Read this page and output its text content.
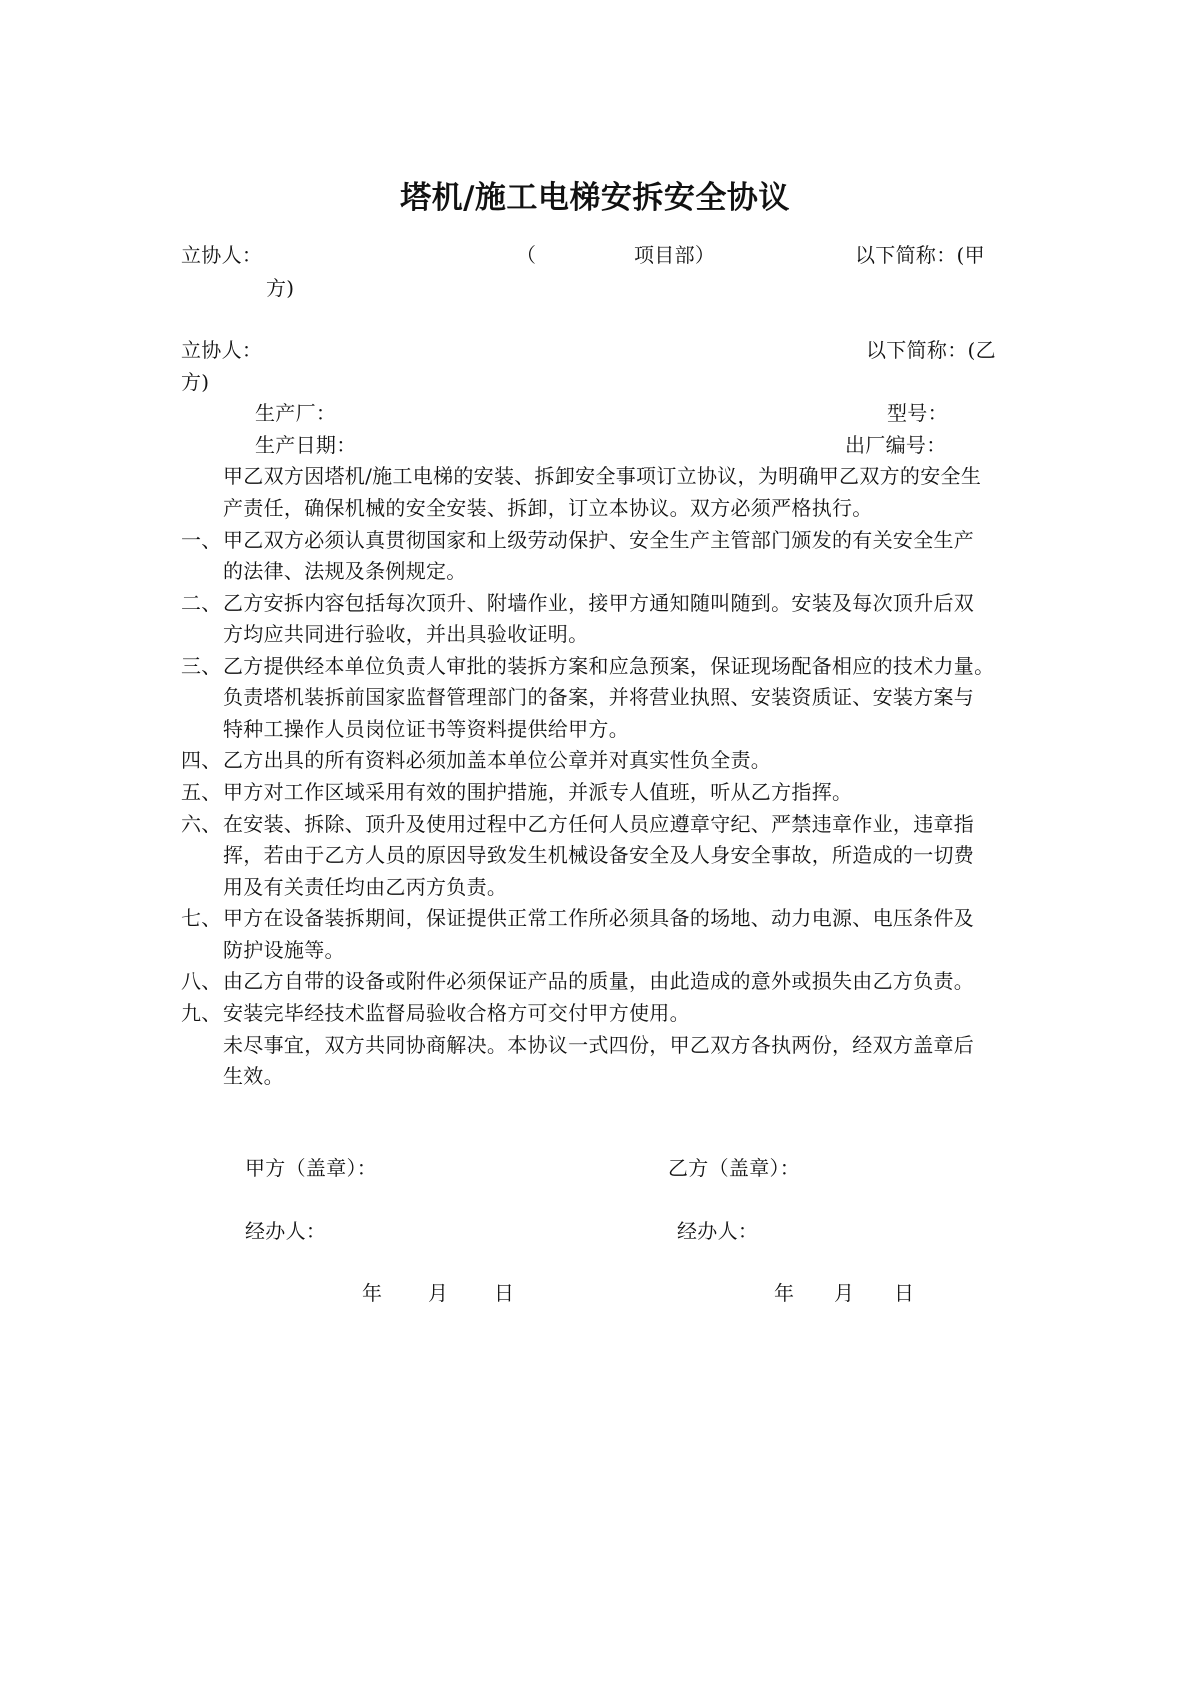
塔机/施工电梯安拆安全协议
立协人：	（	项目部）	以下简称：(甲
方)
立协人：	以下简称：(乙
方)
生产厂：	型号：
生产日期：	出厂编号：
甲乙双方因塔机/施工电梯的安装、拆卸安全事项订立协议，为明确甲乙双方的安全生
产责任，确保机械的安全安装、拆卸，订立本协议。双方必须严格执行。
一、 甲乙双方必须认真贯彻国家和上级劳动保护、安全生产主管部门颁发的有关安全生产
的法律、法规及条例规定。
二、 乙方安拆内容包括每次顶升、附墙作业，接甲方通知随叫随到。安装及每次顶升后双
方均应共同进行验收，并出具验收证明。
三、 乙方提供经本单位负责人审批的装拆方案和应急预案，保证现场配备相应的技术力量。
负责塔机装拆前国家监督管理部门的备案，并将营业执照、安装资质证、安装方案与
特种工操作人员岗位证书等资料提供给甲方。
四、 乙方出具的所有资料必须加盖本单位公章并对真实性负全责。
五、 甲方对工作区域采用有效的围护措施，并派专人值班，听从乙方指挥。
六、 在安装、拆除、顶升及使用过程中乙方任何人员应遵章守纪、严禁违章作业，违章指
挥，若由于乙方人员的原因导致发生机械设备安全及人身安全事故，所造成的一切费
用及有关责任均由乙丙方负责。
七、 甲方在设备装拆期间，保证提供正常工作所必须具备的场地、动力电源、电压条件及
防护设施等。
八、 由乙方自带的设备或附件必须保证产品的质量，由此造成的意外或损失由乙方负责。
九、 安装完毕经技术监督局验收合格方可交付甲方使用。
未尽事宜，双方共同协商解决。本协议一式四份，甲乙双方各执两份，经双方盖章后
生效。
甲方（盖章）：	乙方（盖章）：
经办人：	经办人：
年　　月　　日	年　　月　　日
